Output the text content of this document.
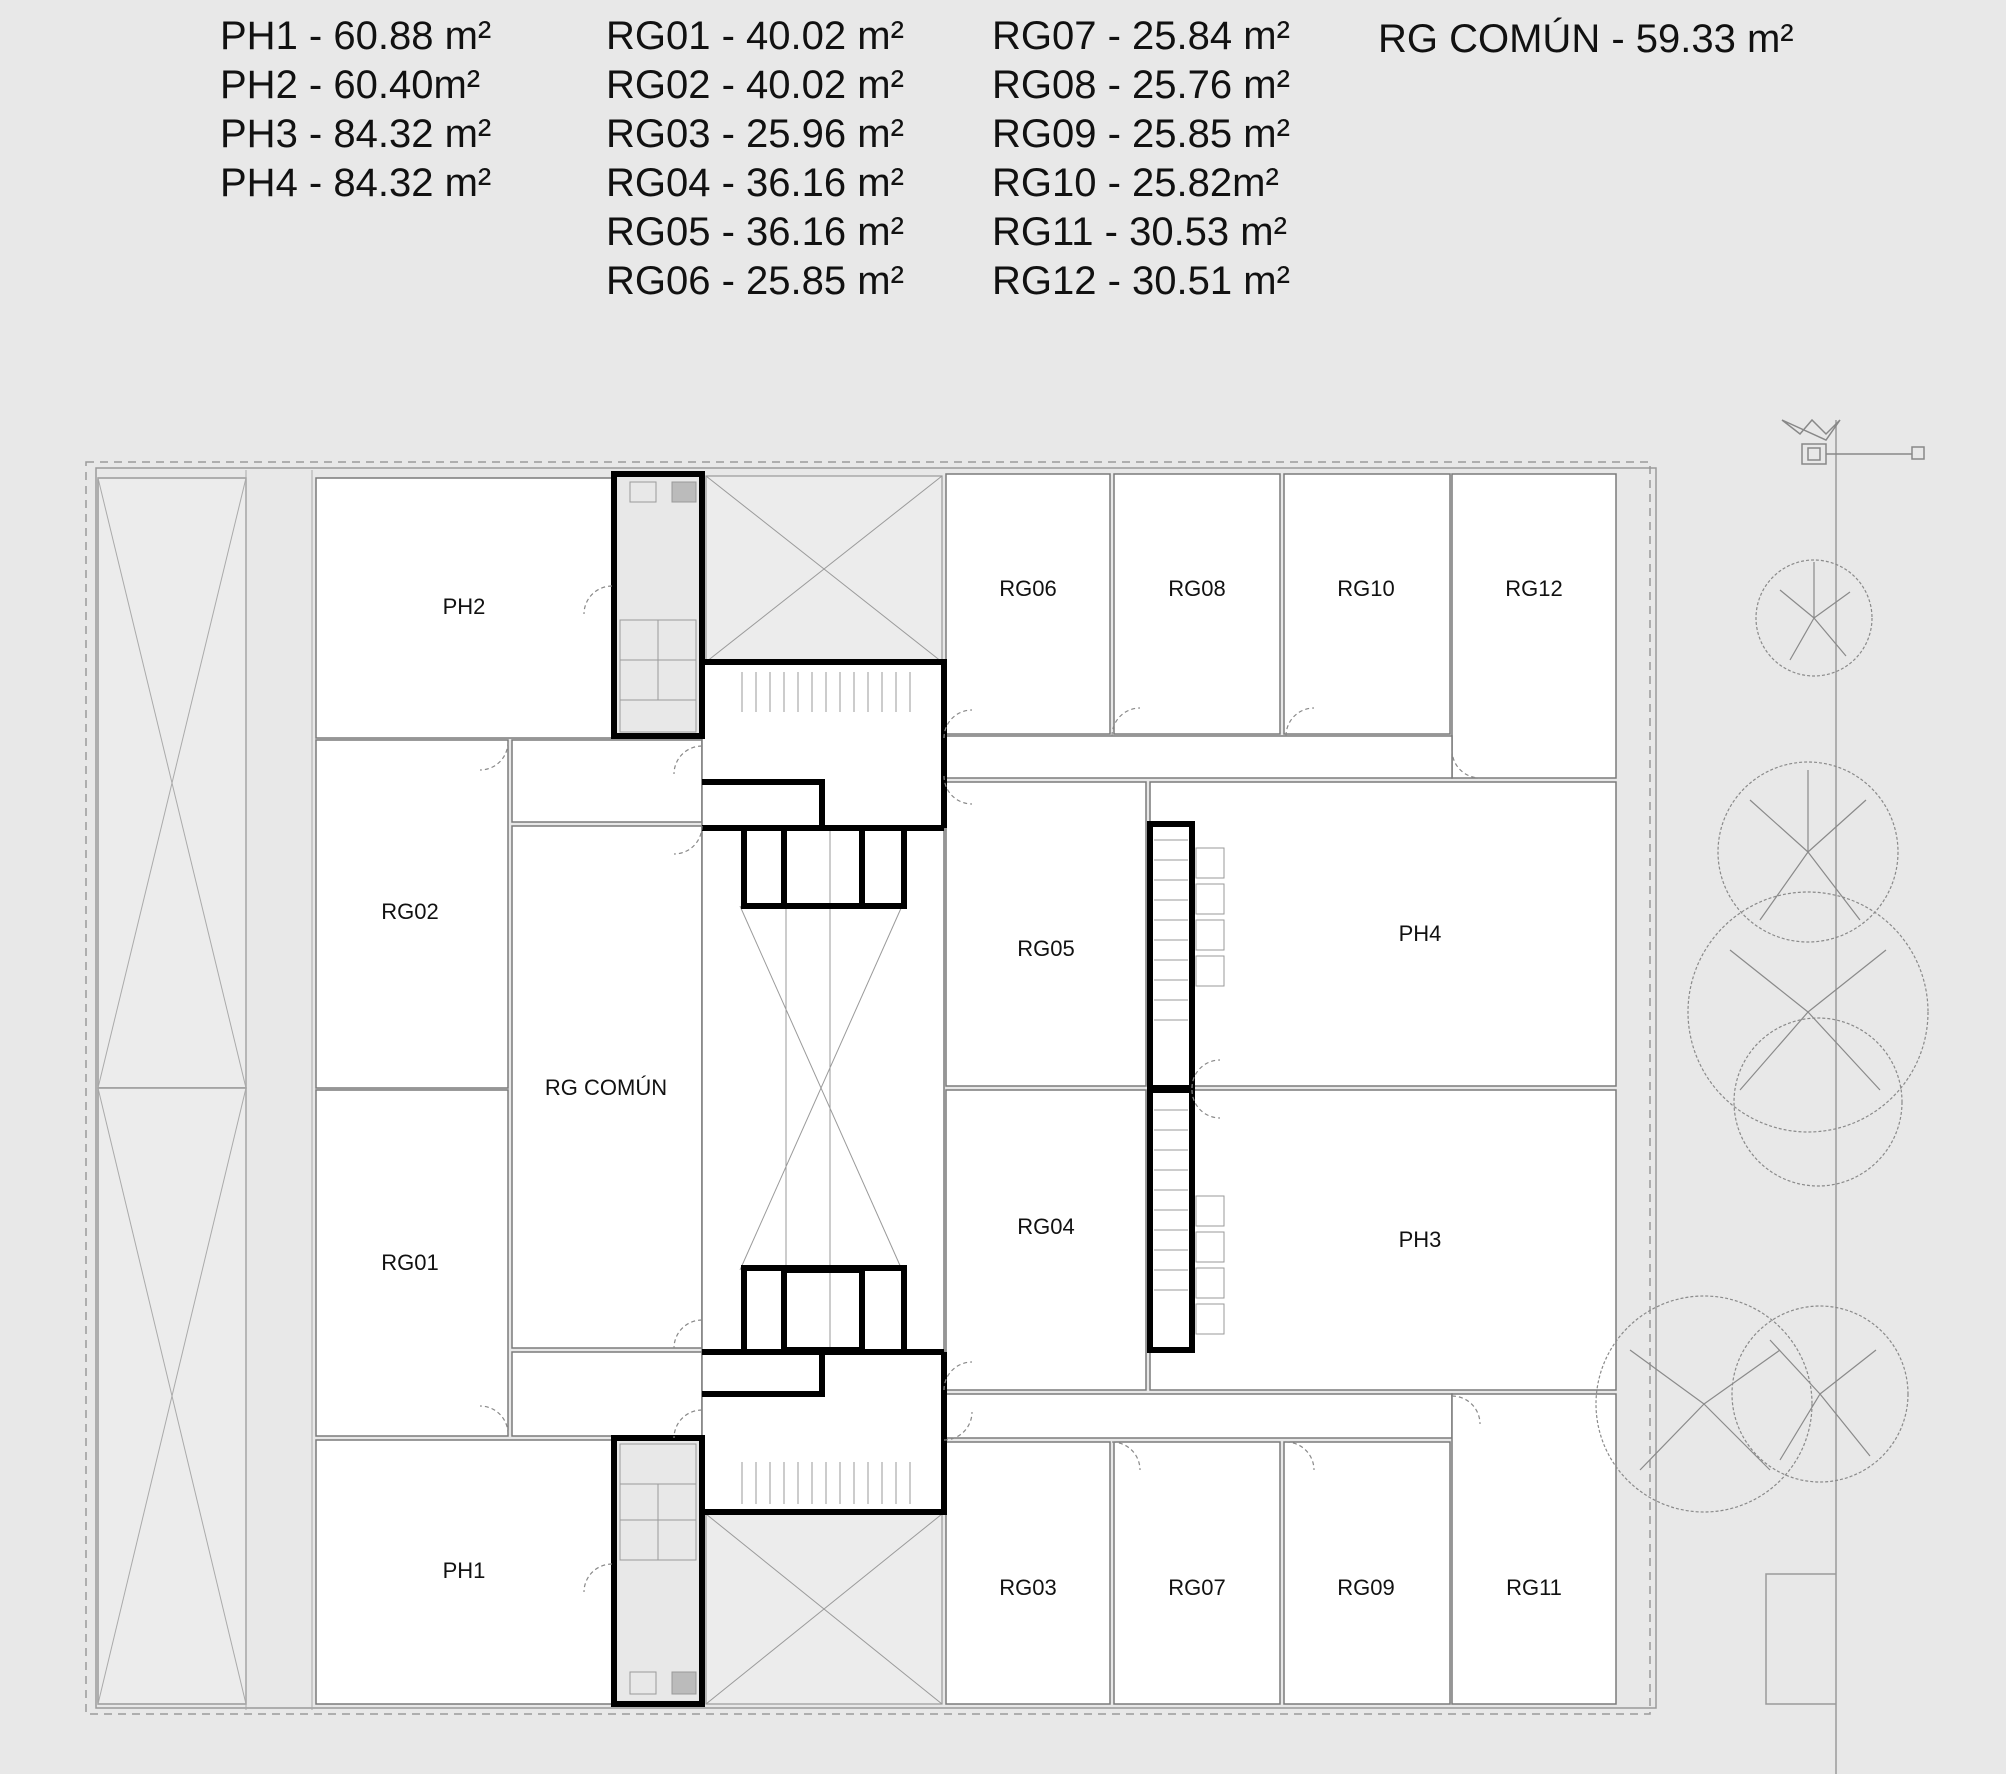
PH1 - 60.88 m²
PH2 - 60.40m²
PH3 - 84.32 m²
PH4 - 84.32 m²
RG01 - 40.02 m²
RG02 - 40.02 m²
RG03 - 25.96 m²
RG04 - 36.16 m²
RG05 - 36.16 m²
RG06 - 25.85 m²
RG07 - 25.84 m²
RG08 - 25.76 m²
RG09 - 25.85 m²
RG10 - 25.82m²
RG11 - 30.53 m²
RG12 - 30.51 m²
RG COMÚN - 59.33 m²
PH2
RG02
RG COMÚN
RG01
PH1
RG06	RG08	RG10	RG12
RG05
PH4
RG04
PH3
RG03	RG07	RG09	RG11
